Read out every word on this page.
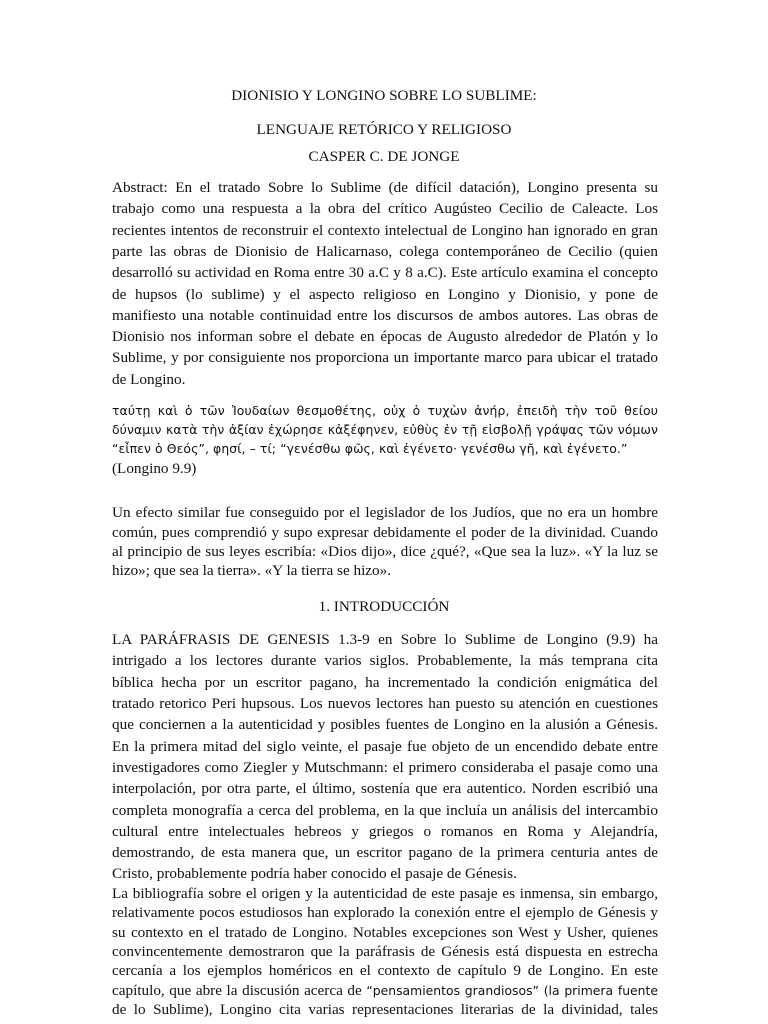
DIONISIO Y LONGINO SOBRE LO SUBLIME:
LENGUAJE RETÓRICO Y RELIGIOSO
CASPER C. DE JONGE
Abstract: En el tratado Sobre lo Sublime (de difícil datación), Longino presenta su
trabajo como una respuesta a la obra del crítico Augústeo Cecilio de Caleacte. Los
recientes intentos de reconstruir el contexto intelectual de Longino han ignorado en gran
parte las obras de Dionisio de Halicarnaso, colega contemporáneo de Cecilio (quien
desarrolló su actividad en Roma entre 30 a.C y 8 a.C). Este artículo examina el concepto
de hupsos (lo sublime) y el aspecto religioso en Longino y Dionisio, y pone de
manifiesto una notable continuidad entre los discursos de ambos autores. Las obras de
Dionisio nos informan sobre el debate en épocas de Augusto alrededor de Platón y lo
Sublime, y por consiguiente nos proporciona un importante marco para ubicar el tratado
de Longino.
ταύτῃ καὶ ὁ τῶν Ἰουδαίων θεσμοθέτης, οὐχ ὁ τυχὼν ἀνήρ, ἐπειδὴ τὴν τοῦ θείου
δύναμιν κατὰ τὴν ἀξίαν ἐχώρησε κἀξέφηνεν, εὐθὺς ἐν τῇ εἰσβολῇ γράψας τῶν νόμων
“εἶπεν ὁ Θεός”, φησί, – τί; “γενέσθω φῶς, καὶ ἐγένετο· γενέσθω γῆ, καὶ ἐγένετο.”
(Longino 9.9)
Un efecto similar fue conseguido por el legislador de los Judíos, que no era un hombre
común, pues comprendió y supo expresar debidamente el poder de la divinidad. Cuando
al principio de sus leyes escribía: «Dios dijo», dice ¿qué?, «Que sea la luz». «Y la luz se
hizo»; que sea la tierra». «Y la tierra se hizo».
1. INTRODUCCIÓN
LA PARÁFRASIS DE GENESIS 1.3-9 en Sobre lo Sublime de Longino (9.9) ha
intrigado a los lectores durante varios siglos. Probablemente, la más temprana cita
bíblica hecha por un escritor pagano, ha incrementado la condición enigmática del
tratado retorico Peri hupsous. Los nuevos lectores han puesto su atención en cuestiones
que conciernen a la autenticidad y posibles fuentes de Longino en la alusión a Génesis.
En la primera mitad del siglo veinte, el pasaje fue objeto de un encendido debate entre
investigadores como Ziegler y Mutschmann: el primero consideraba el pasaje como una
interpolación, por otra parte, el último, sostenía que era autentico. Norden escribió una
completa monografía a cerca del problema, en la que incluía un análisis del intercambio
cultural entre intelectuales hebreos y griegos o romanos en Roma y Alejandría,
demostrando, de esta manera que, un escritor pagano de la primera centuria antes de
Cristo, probablemente podría haber conocido el pasaje de Génesis.
La bibliografía sobre el origen y la autenticidad de este pasaje es inmensa, sin embargo,
relativamente pocos estudiosos han explorado la conexión entre el ejemplo de Génesis y
su contexto en el tratado de Longino. Notables excepciones son West y Usher, quienes
convincentemente demostraron que la paráfrasis de Génesis está dispuesta en estrecha
cercanía a los ejemplos homéricos en el contexto de capítulo 9 de Longino. En este
capítulo, que abre la discusión acerca de “pensamientos grandiosos” (la primera fuente
de lo Sublime), Longino cita varias representaciones literarias de la divinidad, tales
